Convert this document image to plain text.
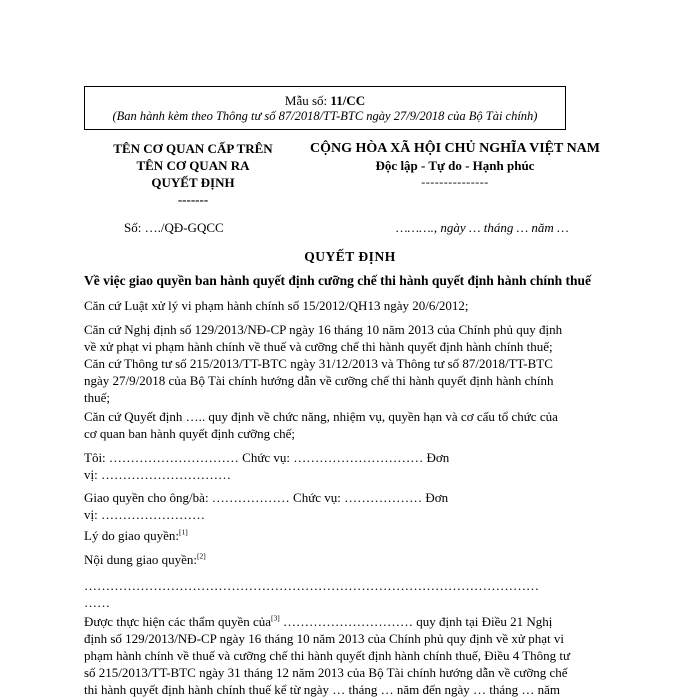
Mẫu số: 11/CC
(Ban hành kèm theo Thông tư số 87/2018/TT-BTC ngày 27/9/2018 của Bộ Tài chính)
TÊN CƠ QUAN CẤP TRÊN
TÊN CƠ QUAN RA
QUYẾT ĐỊNH
-------
CỘNG HÒA XÃ HỘI CHỦ NGHĨA VIỆT NAM
Độc lập - Tự do - Hạnh phúc
---------------
Số: …./QĐ-GQCC	………., ngày … tháng … năm …
QUYẾT ĐỊNH
Về việc giao quyền ban hành quyết định cưỡng chế thi hành quyết định hành chính thuế
Căn cứ Luật xử lý vi phạm hành chính số 15/2012/QH13 ngày 20/6/2012;
Căn cứ Nghị định số 129/2013/NĐ-CP ngày 16 tháng 10 năm 2013 của Chính phủ quy định
về xử phạt vi phạm hành chính về thuế và cưỡng chế thi hành quyết định hành chính thuế;
Căn cứ Thông tư số 215/2013/TT-BTC ngày 31/12/2013 và Thông tư số 87/2018/TT-BTC
ngày 27/9/2018 của Bộ Tài chính hướng dẫn về cưỡng chế thi hành quyết định hành chính
thuế;
Căn cứ Quyết định ….. quy định về chức năng, nhiệm vụ, quyền hạn và cơ cấu tổ chức của
cơ quan ban hành quyết định cưỡng chế;
Tôi: ………………………… Chức vụ: ………………………… Đơn
vị: …………………………
Giao quyền cho ông/bà: ……………… Chức vụ: ……………… Đơn
vị: ……………………
Lý do giao quyền:[1]
Nội dung giao quyền:[2]
……………………………………………………………………………………………
……
Được thực hiện các thẩm quyền của[3] ………………………… quy định tại Điều 21 Nghị
định số 129/2013/NĐ-CP ngày 16 tháng 10 năm 2013 của Chính phủ quy định về xử phạt vi
phạm hành chính về thuế và cưỡng chế thi hành quyết định hành chính thuế, Điều 4 Thông tư
số 215/2013/TT-BTC ngày 31 tháng 12 năm 2013 của Bộ Tài chính hướng dẫn về cưỡng chế
thi hành quyết định hành chính thuế kể từ ngày … tháng … năm đến ngày … tháng … năm
